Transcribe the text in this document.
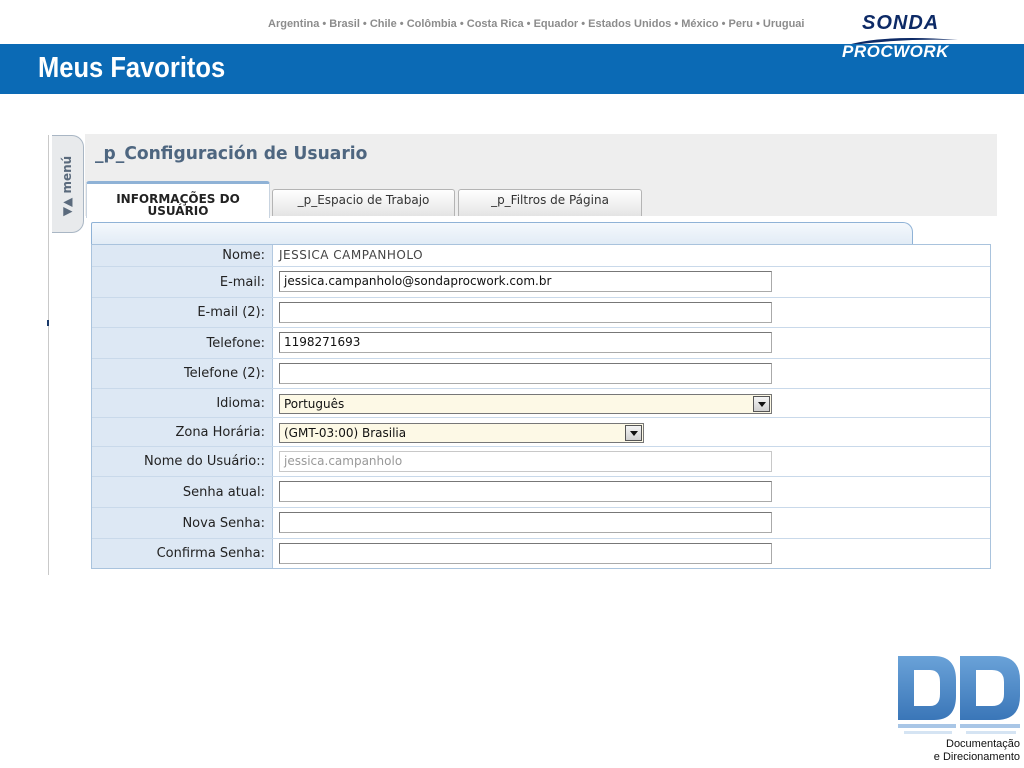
Argentina • Brasil • Chile • Colômbia • Costa Rica • Equador • Estados Unidos • México • Peru • Uruguai	SONDA
Meus Favoritos
PROCWORK
▼▲ menú
_p_Configuración de Usuario
INFORMAÇÕES DO USUÁRIO
_p_Espacio de Trabajo	_p_Filtros de Página
Nome:	JESSICA CAMPANHOLO
E-mail:	jessica.campanholo@sondaprocwork.com.br
E-mail (2):
Telefone:	1198271693
Telefone (2):
Idioma:	Português
Zona Horária:	(GMT-03:00) Brasilia
Nome do Usuário::	jessica.campanholo
Senha atual:
Nova Senha:
Confirma Senha:
Documentação
e Direcionamento
